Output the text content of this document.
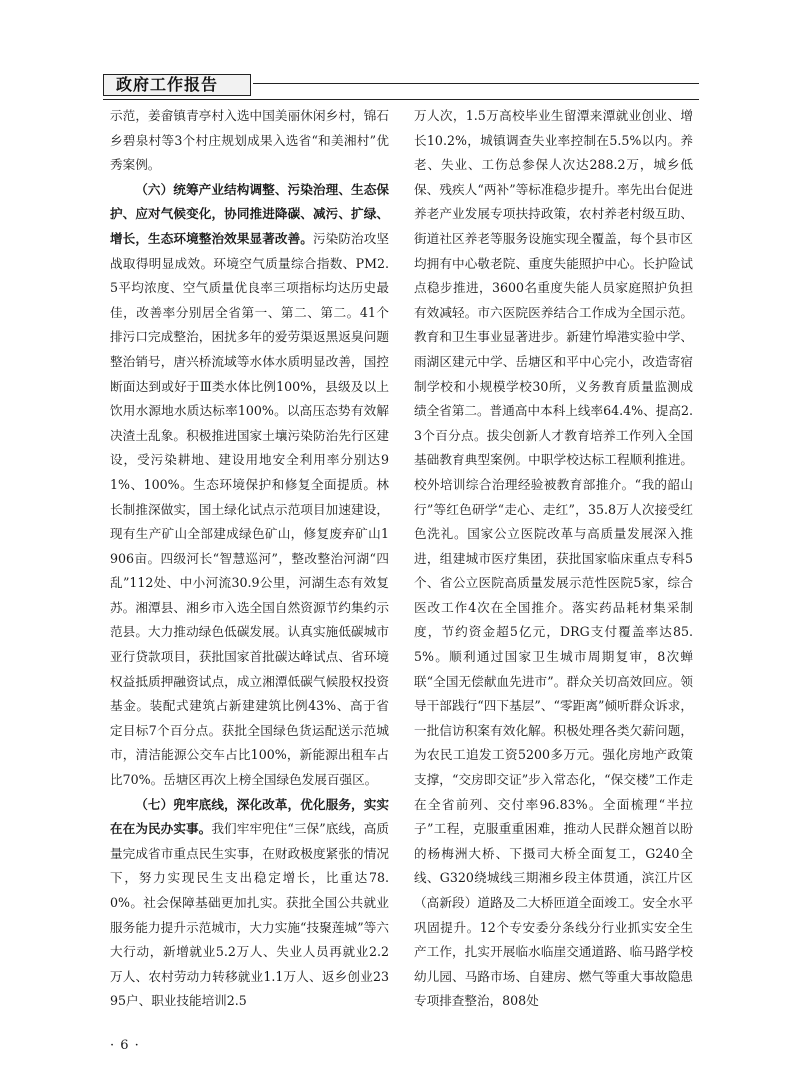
政府工作报告

示范，姜畲镇青亭村入选中国美丽休闲乡村，锦石乡碧泉村等3个村庄规划成果入选省“和美湘村”优秀案例。

（六）统筹产业结构调整、污染治理、生态保护、应对气候变化，协同推进降碳、减污、扩绿、增长，生态环境整治效果显著改善。污染防治攻坚战取得明显成效。环境空气质量综合指数、PM2.5平均浓度、空气质量优良率三项指标均达历史最佳，改善率分别居全省第一、第二、第二。41个排污口完成整治，困扰多年的爱劳渠返黑返臭问题整治销号，唐兴桥流域等水体水质明显改善，国控断面达到或好于Ⅲ类水体比例100%，县级及以上饮用水源地水质达标率100%。以高压态势有效解决渣土乱象。积极推进国家土壤污染防治先行区建设，受污染耕地、建设用地安全利用率分别达91%、100%。生态环境保护和修复全面提质。林长制推深做实，国土绿化试点示范项目加速建设，现有生产矿山全部建成绿色矿山，修复废弃矿山1906亩。四级河长“智慧巡河”，整改整治河湖“四乱”112处、中小河流30.9公里，河湖生态有效复苏。湘潭县、湘乡市入选全国自然资源节约集约示范县。大力推动绿色低碳发展。认真实施低碳城市亚行贷款项目，获批国家首批碳达峰试点、省环境权益抵质押融资试点，成立湘潭低碳气候股权投资基金。装配式建筑占新建建筑比例43%、高于省定目标7个百分点。获批全国绿色货运配送示范城市，清洁能源公交车占比100%，新能源出租车占比70%。岳塘区再次上榜全国绿色发展百强区。

（七）兜牢底线，深化改革，优化服务，实实在在为民办实事。我们牢牢兜住“三保”底线，高质量完成省市重点民生实事，在财政极度紧张的情况下，努力实现民生支出稳定增长，比重达78.0%。社会保障基础更加扎实。获批全国公共就业服务能力提升示范城市，大力实施“技聚莲城”等六大行动，新增就业5.2万人、失业人员再就业2.2万人、农村劳动力转移就业1.1万人、返乡创业2395户、职业技能培训2.5

万人次，1.5万高校毕业生留潭来潭就业创业、增长10.2%，城镇调查失业率控制在5.5%以内。养老、失业、工伤总参保人次达288.2万，城乡低保、残疾人“两补”等标准稳步提升。率先出台促进养老产业发展专项扶持政策，农村养老村级互助、街道社区养老等服务设施实现全覆盖，每个县市区均拥有中心敬老院、重度失能照护中心。长护险试点稳步推进，3600名重度失能人员家庭照护负担有效减轻。市六医院医养结合工作成为全国示范。教育和卫生事业显著进步。新建竹埠港实验中学、雨湖区建元中学、岳塘区和平中心完小，改造寄宿制学校和小规模学校30所，义务教育质量监测成绩全省第二。普通高中本科上线率64.4%、提高2.3个百分点。拔尖创新人才教育培养工作列入全国基础教育典型案例。中职学校达标工程顺利推进。校外培训综合治理经验被教育部推介。“我的韶山行”等红色研学“走心、走红”，35.8万人次接受红色洗礼。国家公立医院改革与高质量发展深入推进，组建城市医疗集团，获批国家临床重点专科5个、省公立医院高质量发展示范性医院5家，综合医改工作4次在全国推介。落实药品耗材集采制度，节约资金超5亿元，DRG支付覆盖率达85.5%。顺利通过国家卫生城市周期复审，8次蝉联“全国无偿献血先进市”。群众关切高效回应。领导干部践行“四下基层”、“零距离”倾听群众诉求，一批信访积案有效化解。积极处理各类欠薪问题，为农民工追发工资5200多万元。强化房地产政策支撑，“交房即交证”步入常态化，“保交楼”工作走在全省前列、交付率96.83%。全面梳理“半拉子”工程，克服重重困难，推动人民群众翘首以盼的杨梅洲大桥、下摄司大桥全面复工，G240全线、G320绕城线三期湘乡段主体贯通，滨江片区（高新段）道路及二大桥匝道全面竣工。安全水平巩固提升。12个专安委分条线分行业抓实安全生产工作，扎实开展临水临崖交通道路、临马路学校幼儿园、马路市场、自建房、燃气等重大事故隐患专项排查整治，808处

· 6 ·
